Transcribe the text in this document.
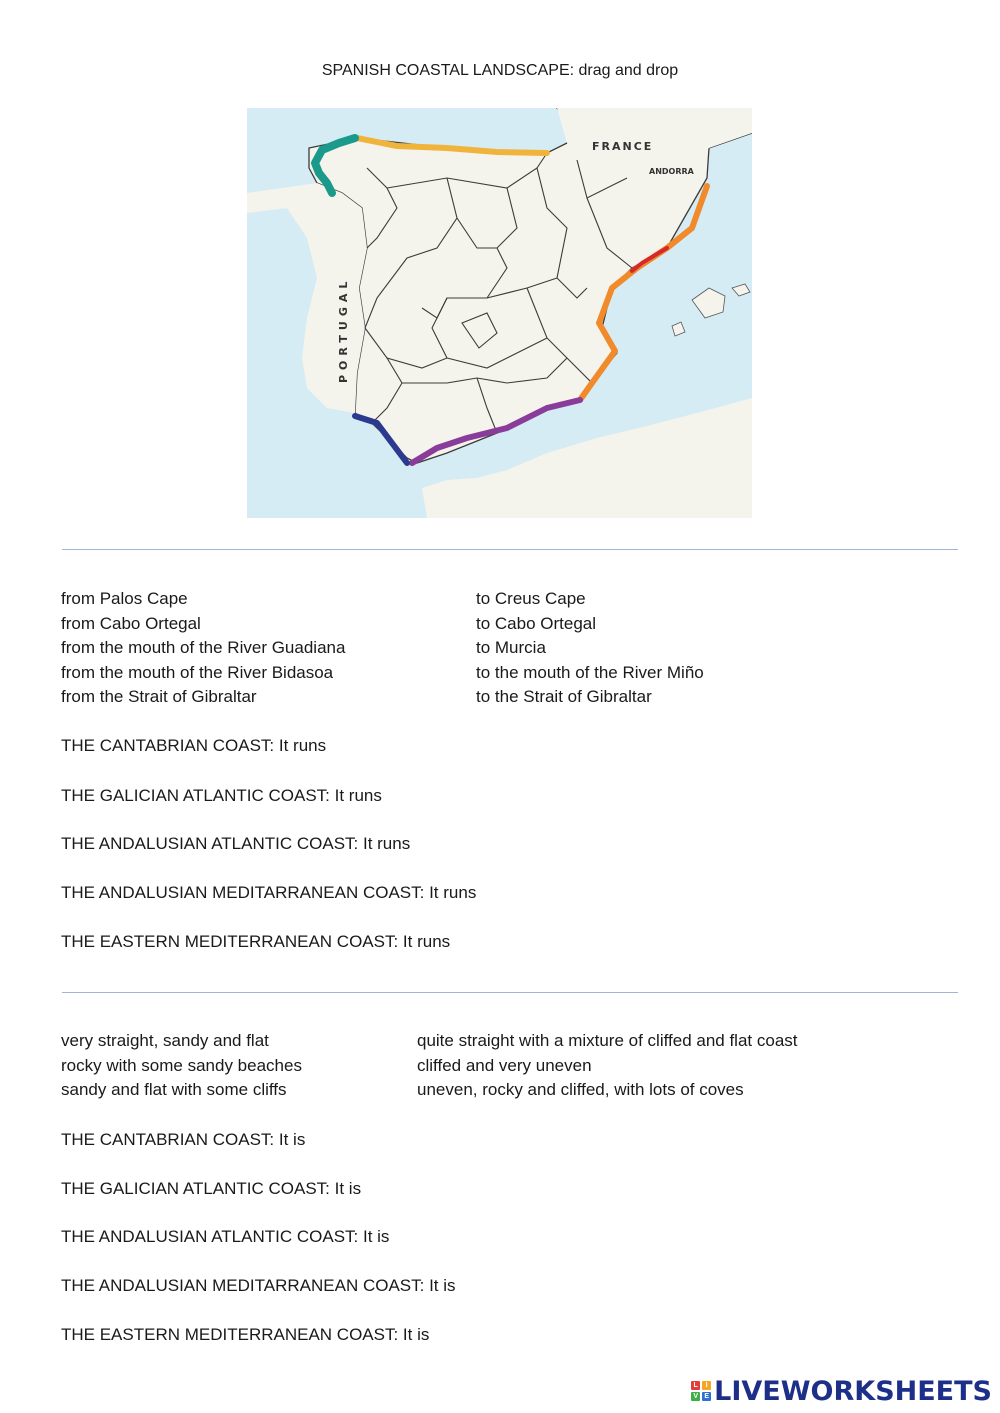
SPANISH COASTAL LANDSCAPE: drag and drop
FRANCE
ANDORRA
PORTUGAL
from Palos Cape
from Cabo Ortegal
from the mouth of the River Guadiana
from the mouth of the River Bidasoa
from the Strait of Gibraltar
to Creus Cape
to Cabo Ortegal
to Murcia
to the mouth of the River Miño
to the Strait of Gibraltar
THE CANTABRIAN COAST: It runs
THE GALICIAN ATLANTIC COAST: It runs
THE ANDALUSIAN ATLANTIC COAST: It runs
THE ANDALUSIAN MEDITARRANEAN COAST: It runs
THE EASTERN MEDITERRANEAN COAST: It runs
very straight, sandy and flat
rocky with some sandy beaches
sandy and flat with some cliffs
quite straight with a mixture of cliffed and flat coast
cliffed and very uneven
uneven, rocky and cliffed, with lots of coves
THE CANTABRIAN COAST: It is
THE GALICIAN ATLANTIC COAST: It is
THE ANDALUSIAN ATLANTIC COAST: It is
THE ANDALUSIAN MEDITARRANEAN COAST: It is
THE EASTERN MEDITERRANEAN COAST: It is
L	I
V E LIVEWORKSHEETS
